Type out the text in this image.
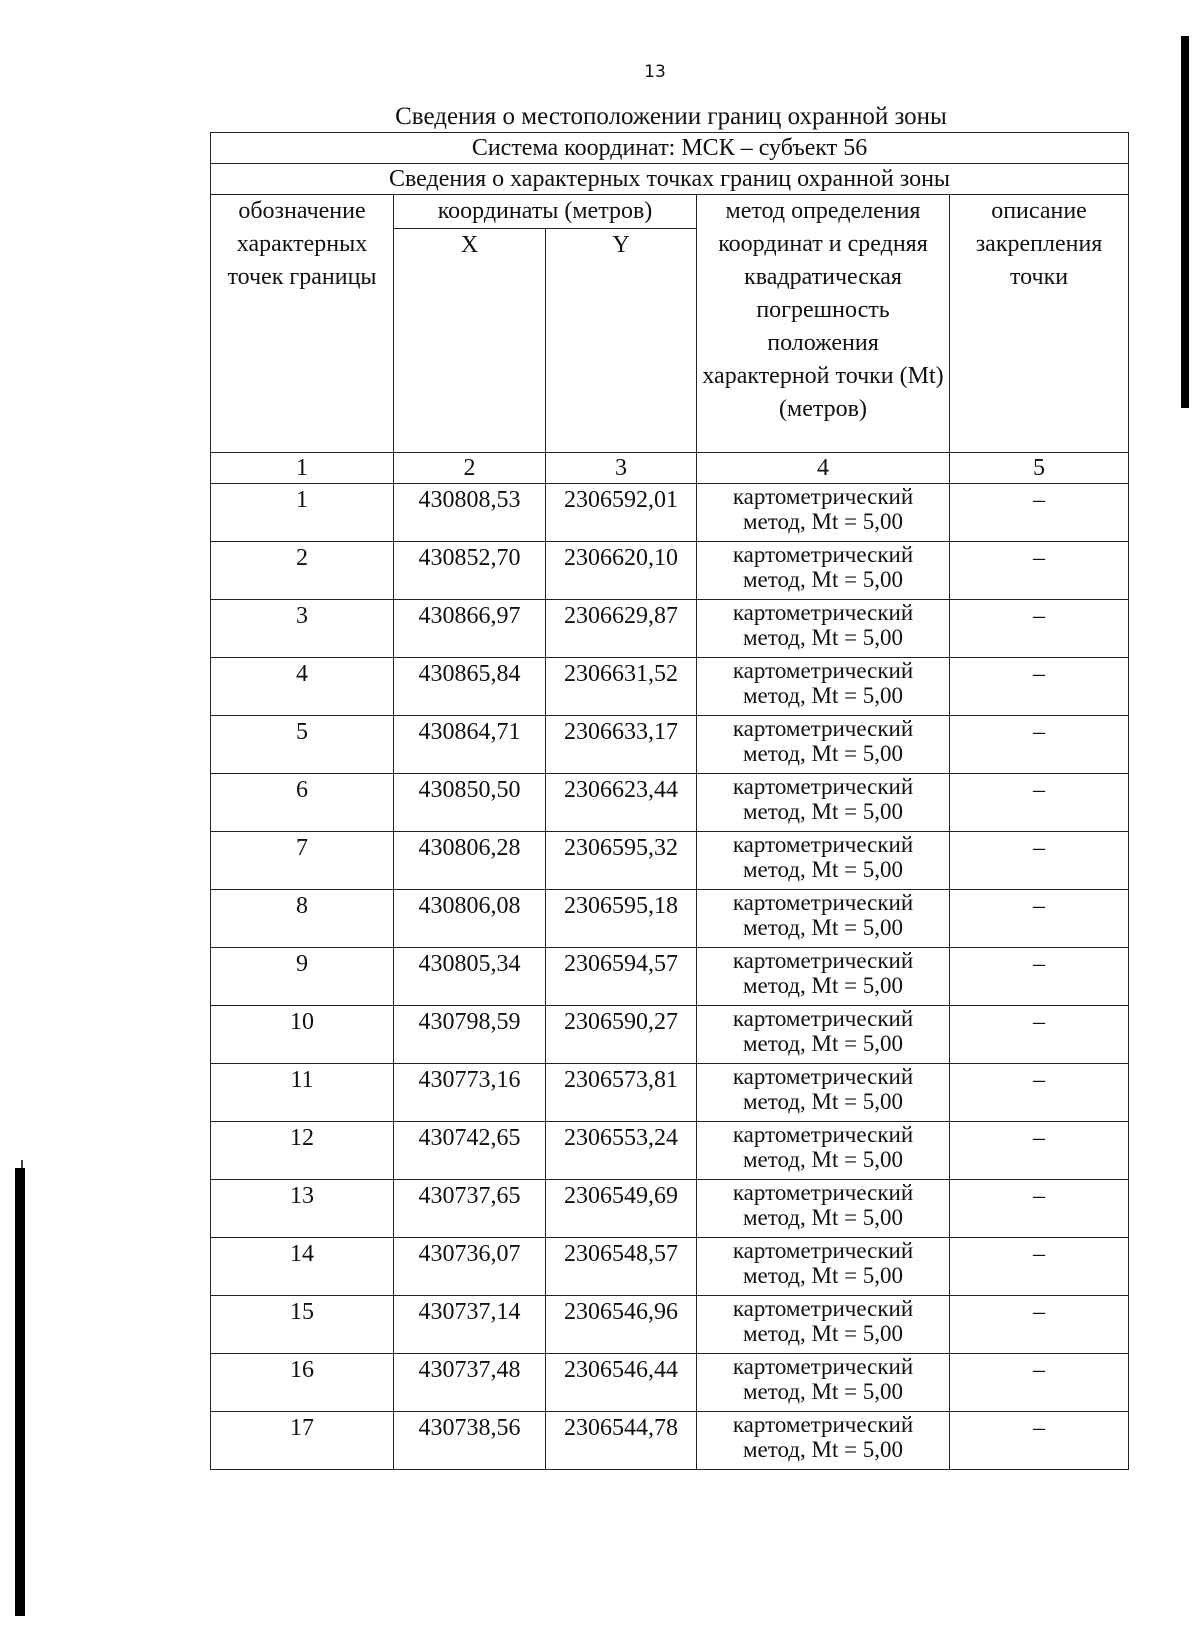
13
Сведения о местоположении границ охранной зоны
Система координат: МСК – субъект 56				
Сведения о характерных точках границ охранной зоны				
обозначение характерных точек границы	координаты (метров)		метод определения координат и средняя квадратическая погрешность положения характерной точки (Mt) (метров)	описание закрепления точки
	X	Y		
1	2	3	4	5
1	430808,53	2306592,01	картометрический метод, Mt = 5,00	–
2	430852,70	2306620,10	картометрический метод, Mt = 5,00	–
3	430866,97	2306629,87	картометрический метод, Mt = 5,00	–
4	430865,84	2306631,52	картометрический метод, Mt = 5,00	–
5	430864,71	2306633,17	картометрический метод, Mt = 5,00	–
6	430850,50	2306623,44	картометрический метод, Mt = 5,00	–
7	430806,28	2306595,32	картометрический метод, Mt = 5,00	–
8	430806,08	2306595,18	картометрический метод, Mt = 5,00	–
9	430805,34	2306594,57	картометрический метод, Mt = 5,00	–
10	430798,59	2306590,27	картометрический метод, Mt = 5,00	–
11	430773,16	2306573,81	картометрический метод, Mt = 5,00	–
12	430742,65	2306553,24	картометрический метод, Mt = 5,00	–
13	430737,65	2306549,69	картометрический метод, Mt = 5,00	–
14	430736,07	2306548,57	картометрический метод, Mt = 5,00	–
15	430737,14	2306546,96	картометрический метод, Mt = 5,00	–
16	430737,48	2306546,44	картометрический метод, Mt = 5,00	–
17	430738,56	2306544,78	картометрический метод, Mt = 5,00	–
